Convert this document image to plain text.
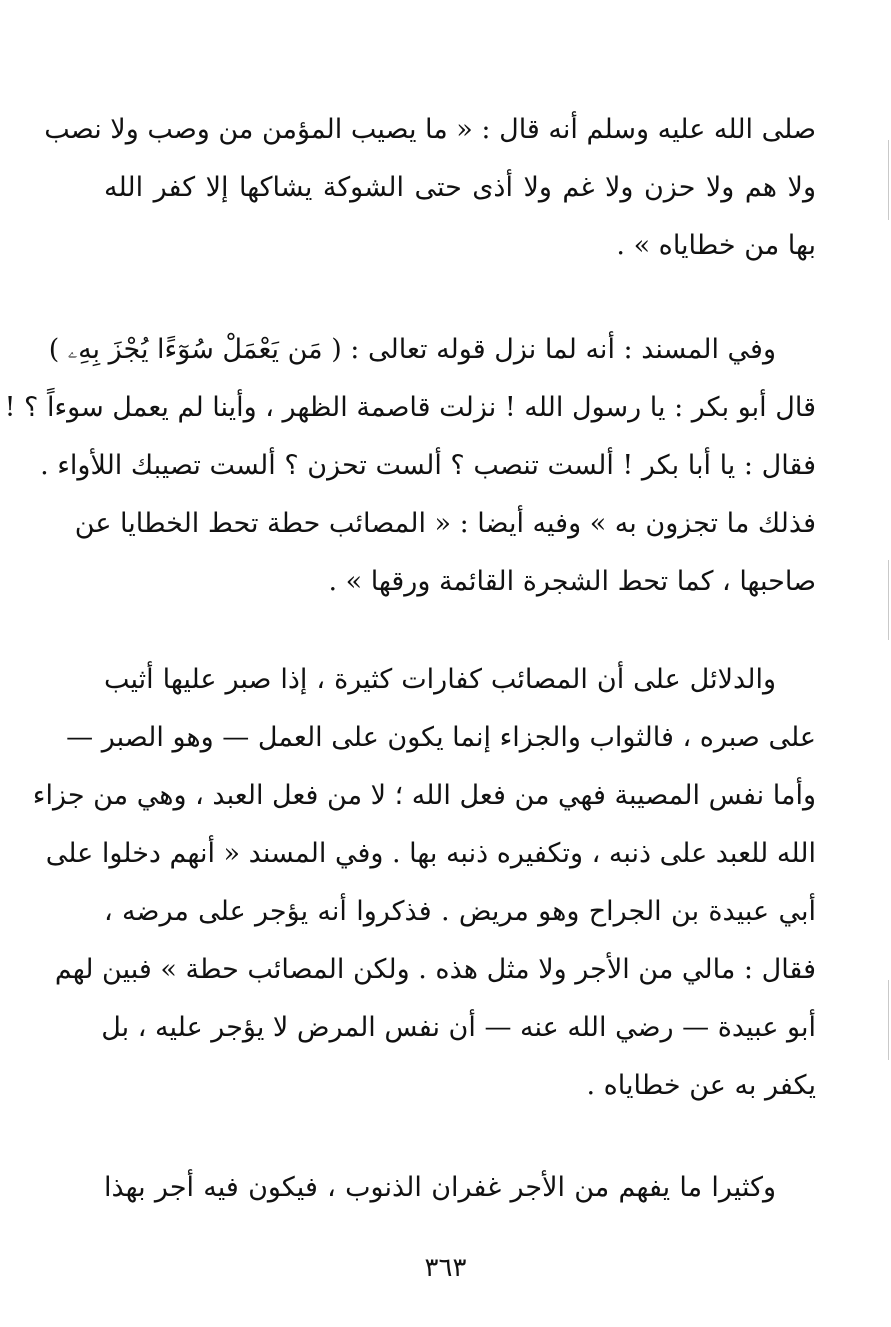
صلى الله عليه وسلم أنه قال : « ما يصيب المؤمن من وصب ولا نصب
ولا هم ولا حزن ولا غم ولا أذى حتى الشوكة يشاكها إلا كفر الله
بها من خطاياه » .
وفي المسند : أنه لما نزل قوله تعالى : ( مَن يَعْمَلْ سُوٓءًا يُجْزَ بِهِۦ )
قال أبو بكر : يا رسول الله ! نزلت قاصمة الظهر ، وأينا لم يعمل سوءاً ؟ !
فقال : يا أبا بكر ! ألست تنصب ؟ ألست تحزن ؟ ألست تصيبك اللأواء .
فذلك ما تجزون به » وفيه أيضا : « المصائب حطة تحط الخطايا عن
صاحبها ، كما تحط الشجرة القائمة ورقها » .
والدلائل على أن المصائب كفارات كثيرة ، إذا صبر عليها أثيب
على صبره ، فالثواب والجزاء إنما يكون على العمل — وهو الصبر —
وأما نفس المصيبة فهي من فعل الله ؛ لا من فعل العبد ، وهي من جزاء
الله للعبد على ذنبه ، وتكفيره ذنبه بها . وفي المسند « أنهم دخلوا على
أبي عبيدة بن الجراح وهو مريض . فذكروا أنه يؤجر على مرضه ،
فقال : مالي من الأجر ولا مثل هذه . ولكن المصائب حطة » فبين لهم
أبو عبيدة — رضي الله عنه — أن نفس المرض لا يؤجر عليه ، بل
يكفر به عن خطاياه .
وكثيرا ما يفهم من الأجر غفران الذنوب ، فيكون فيه أجر بهذا
٣٦٣
